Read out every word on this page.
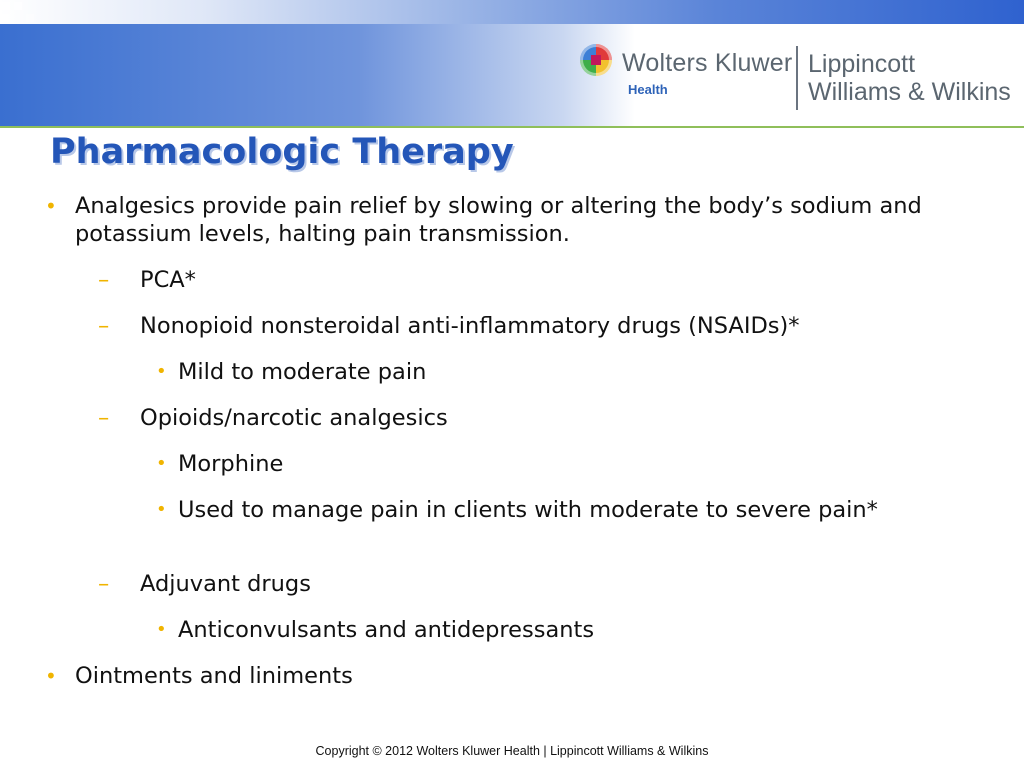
Wolters Kluwer
Health
Lippincott
Williams & Wilkins
Pharmacologic Therapy
• Analgesics provide pain relief by slowing or altering the body’s sodium and potassium levels, halting pain transmission.
– PCA*
– Nonopioid nonsteroidal anti-inflammatory drugs (NSAIDs)*
• Mild to moderate pain
– Opioids/narcotic analgesics
• Morphine
• Used to manage pain in clients with moderate to severe pain*
– Adjuvant drugs
• Anticonvulsants and antidepressants
• Ointments and liniments
Copyright © 2012 Wolters Kluwer Health | Lippincott Williams & Wilkins
